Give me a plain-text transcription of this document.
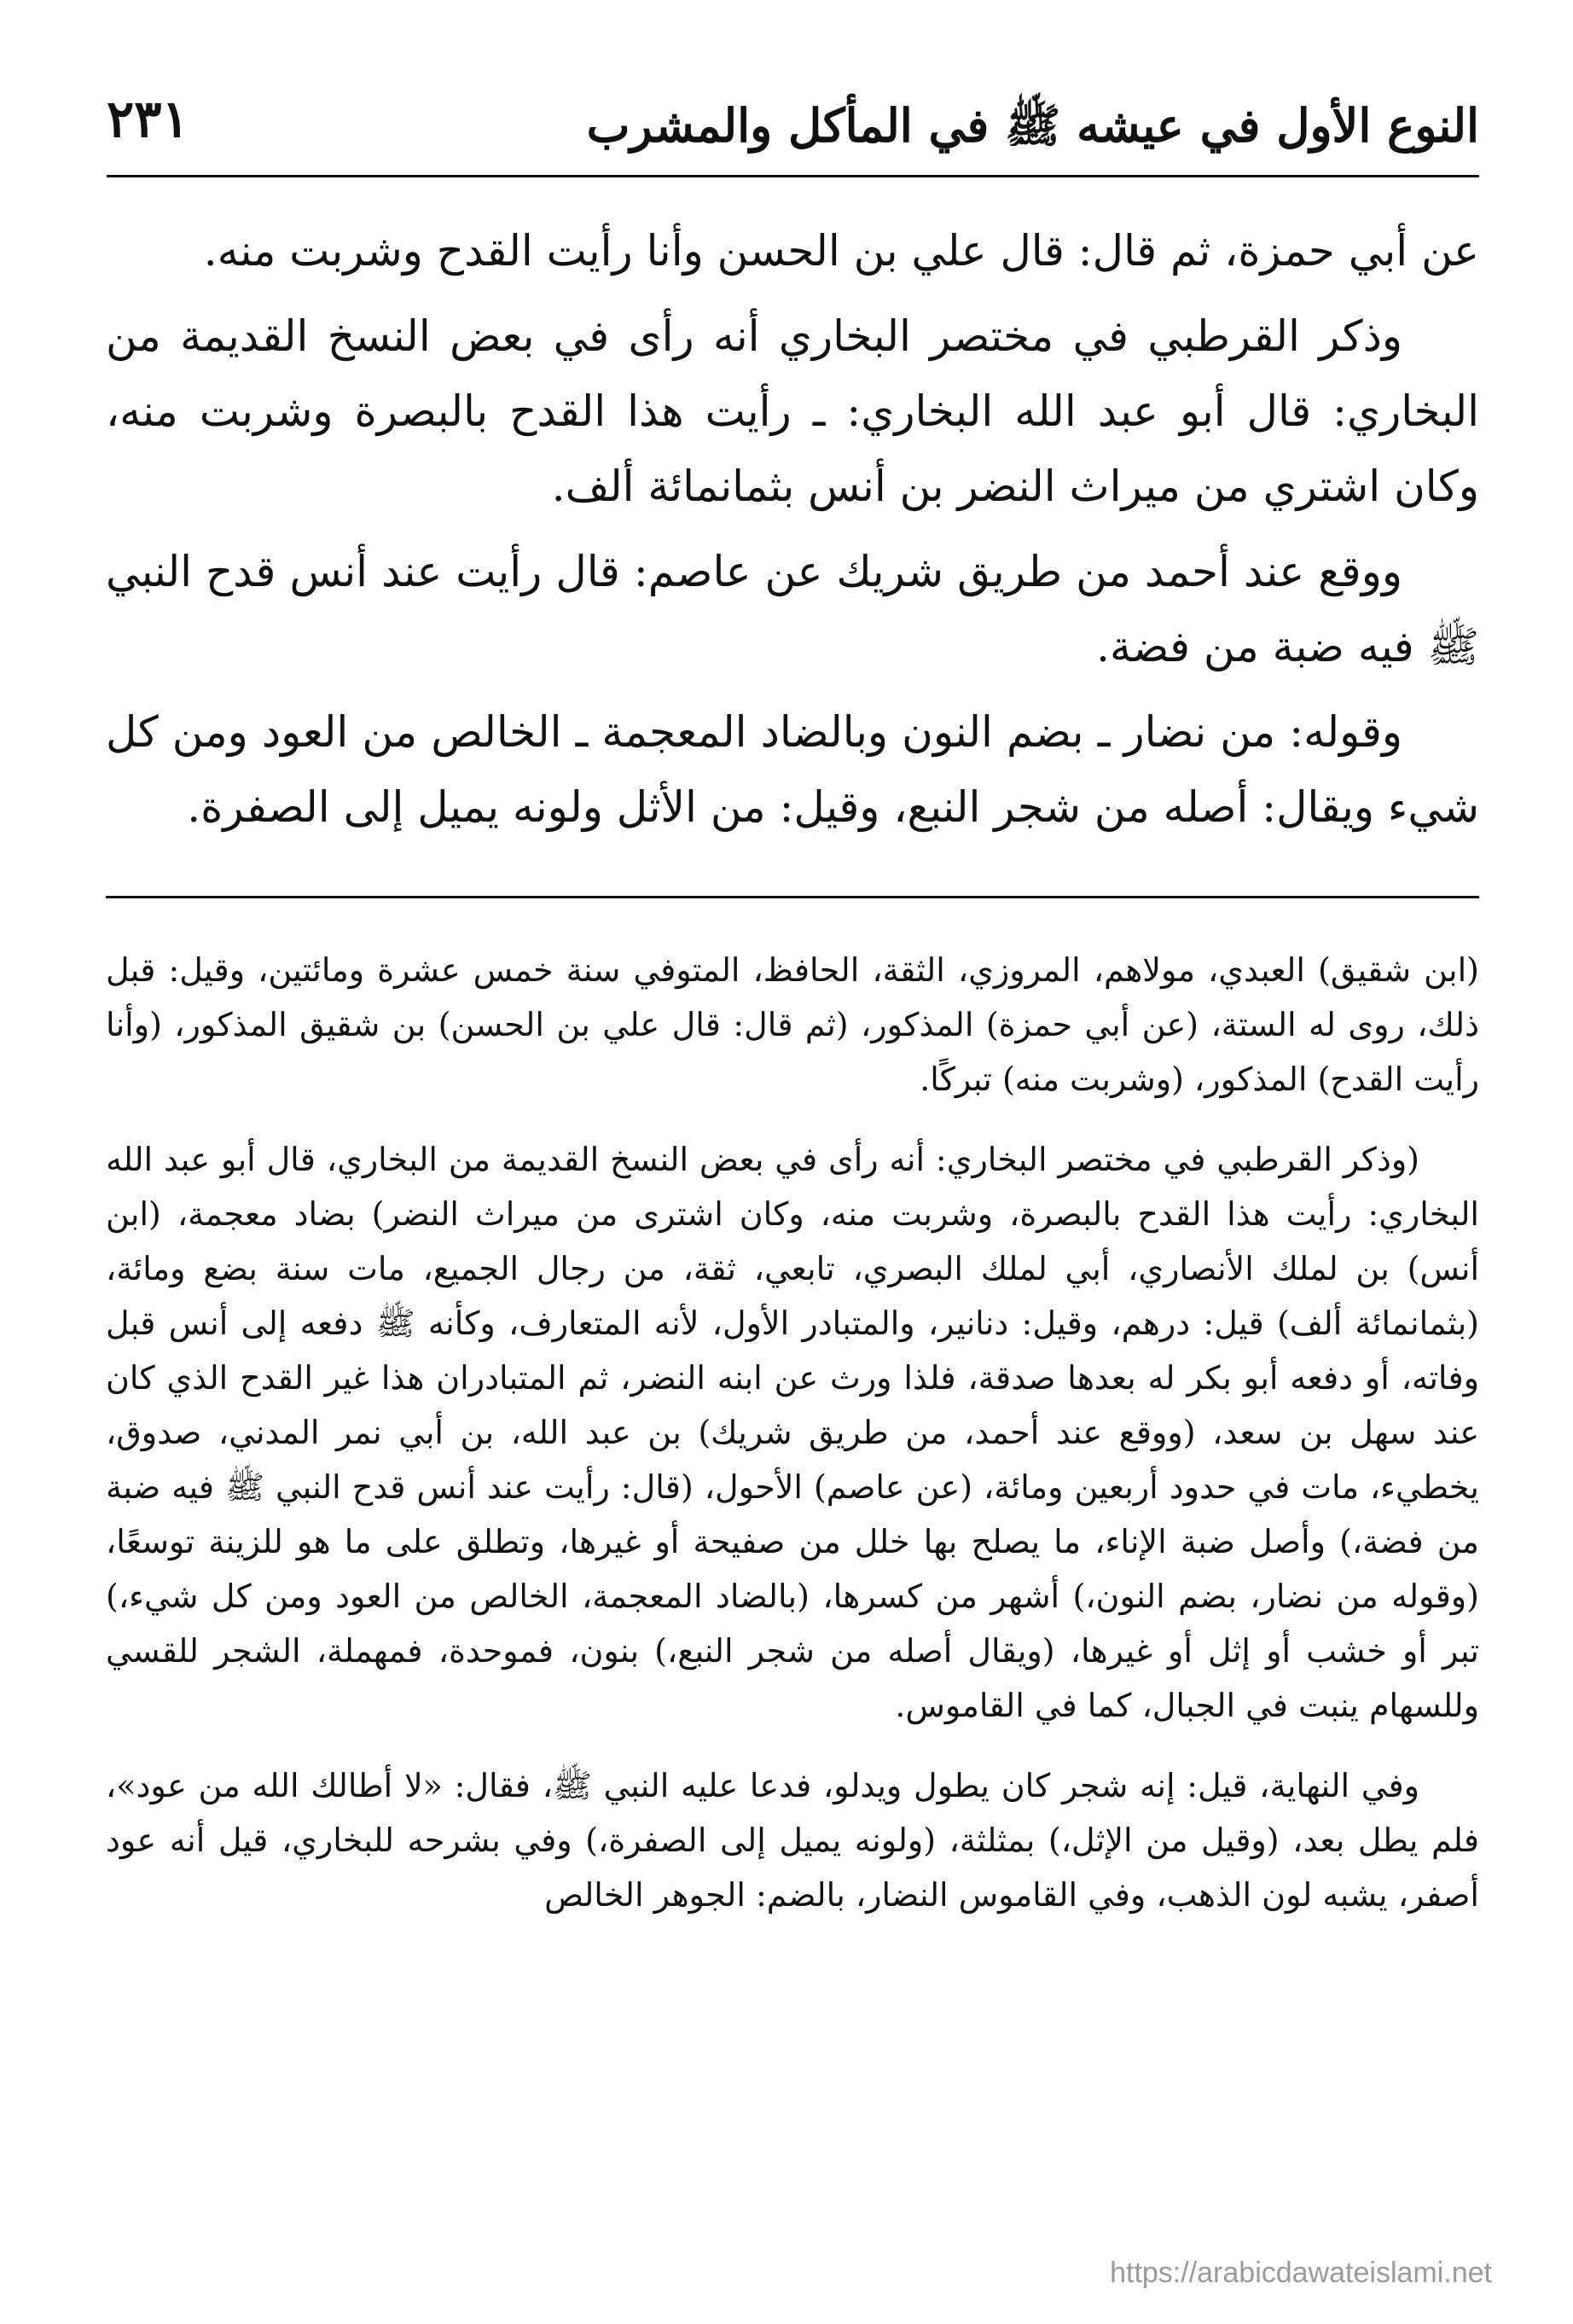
النوع الأول في عيشه ﷺ في المأكل والمشرب
٢٣١

عن أبي حمزة، ثم قال: قال علي بن الحسن وأنا رأيت القدح وشربت منه.

وذكر القرطبي في مختصر البخاري أنه رأى في بعض النسخ القديمة من البخاري: قال أبو عبد الله البخاري: ـ رأيت هذا القدح بالبصرة وشربت منه، وكان اشتري من ميراث النضر بن أنس بثمانمائة ألف.

ووقع عند أحمد من طريق شريك عن عاصم: قال رأيت عند أنس قدح النبي ﷺ فيه ضبة من فضة.

وقوله: من نضار ـ بضم النون وبالضاد المعجمة ـ الخالص من العود ومن كل شيء ويقال: أصله من شجر النبع، وقيل: من الأثل ولونه يميل إلى الصفرة.

(ابن شقيق) العبدي، مولاهم، المروزي، الثقة، الحافظ، المتوفي سنة خمس عشرة ومائتين، وقيل: قبل ذلك، روى له الستة، (عن أبي حمزة) المذكور، (ثم قال: قال علي بن الحسن) بن شقيق المذكور، (وأنا رأيت القدح) المذكور، (وشربت منه) تبركًا.

(وذكر القرطبي في مختصر البخاري: أنه رأى في بعض النسخ القديمة من البخاري، قال أبو عبد الله البخاري: رأيت هذا القدح بالبصرة، وشربت منه، وكان اشترى من ميراث النضر) بضاد معجمة، (ابن أنس) بن لملك الأنصاري، أبي لملك البصري، تابعي، ثقة، من رجال الجميع، مات سنة بضع ومائة، (بثمانمائة ألف) قيل: درهم، وقيل: دنانير، والمتبادر الأول، لأنه المتعارف، وكأنه ﷺ دفعه إلى أنس قبل وفاته، أو دفعه أبو بكر له بعدها صدقة، فلذا ورث عن ابنه النضر، ثم المتبادران هذا غير القدح الذي كان عند سهل بن سعد، (ووقع عند أحمد، من طريق شريك) بن عبد الله، بن أبي نمر المدني، صدوق، يخطيء، مات في حدود أربعين ومائة، (عن عاصم) الأحول، (قال: رأيت عند أنس قدح النبي ﷺ فيه ضبة من فضة،) وأصل ضبة الإناء، ما يصلح بها خلل من صفيحة أو غيرها، وتطلق على ما هو للزينة توسعًا، (وقوله من نضار، بضم النون،) أشهر من كسرها، (بالضاد المعجمة، الخالص من العود ومن كل شيء،) تبر أو خشب أو إثل أو غيرها، (ويقال أصله من شجر النبع،) بنون، فموحدة، فمهملة، الشجر للقسي وللسهام ينبت في الجبال، كما في القاموس.

وفي النهاية، قيل: إنه شجر كان يطول ويدلو، فدعا عليه النبي ﷺ، فقال: «لا أطالك الله من عود»، فلم يطل بعد، (وقيل من الإثل،) بمثلثة، (ولونه يميل إلى الصفرة،) وفي بشرحه للبخاري، قيل أنه عود أصفر، يشبه لون الذهب، وفي القاموس النضار، بالضم: الجوهر الخالص

https://arabicdawateislami.net
